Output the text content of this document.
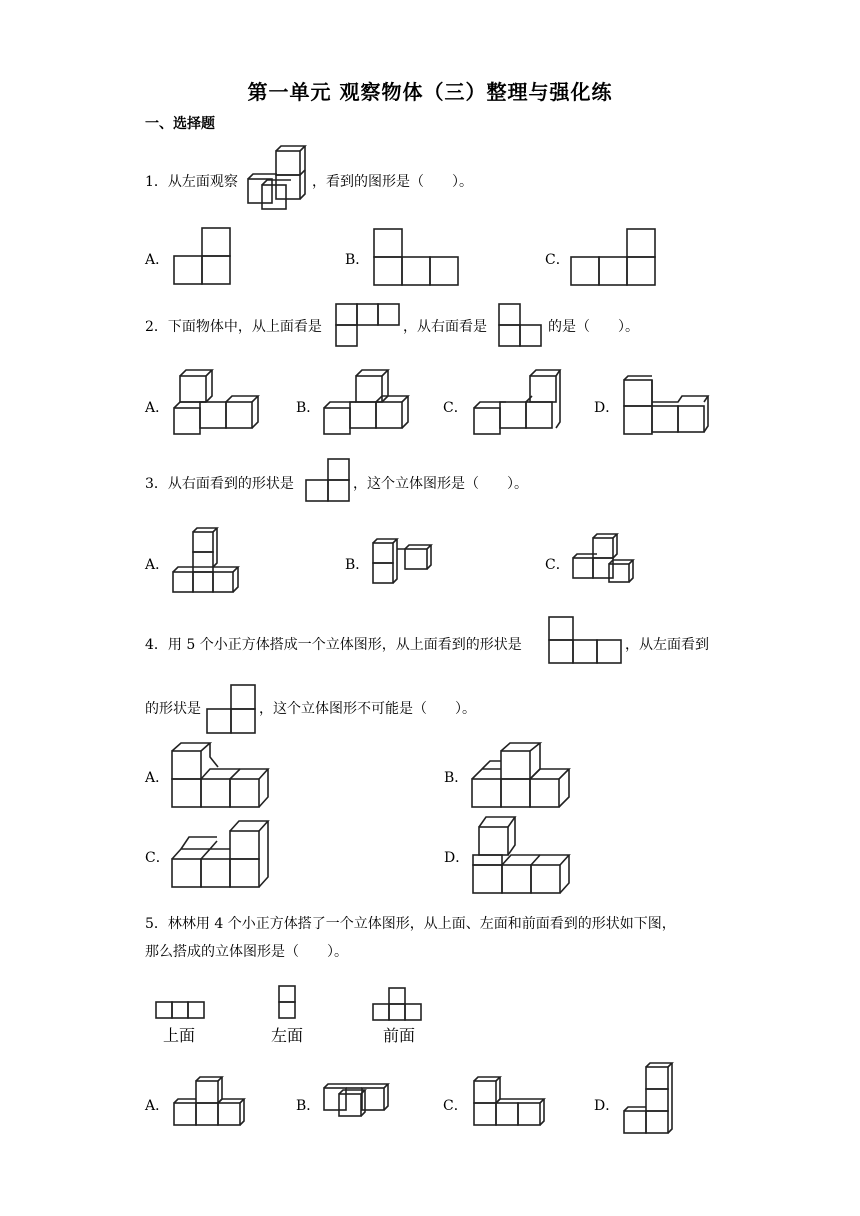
第一单元 观察物体（三）整理与强化练
一、选择题
1．从左面观察	，看到的图形是（　　）。
A．	B．	C．
2．下面物体中，从上面看是	，从右面看是	的是（　　）。
A．	B．	C．	D．
3．从右面看到的形状是	，这个立体图形是（　　）。
A．	B．	C．
4．用 5 个小正方体搭成一个立体图形，从上面看到的形状是	，从左面看到
的形状是	，这个立体图形不可能是（　　）。
A．	B．
C．	D．
5．林林用 4 个小正方体搭了一个立体图形，从上面、左面和前面看到的形状如下图，
那么搭成的立体图形是（　　）。
上面	左面	前面
A．	B．	C．	D．
